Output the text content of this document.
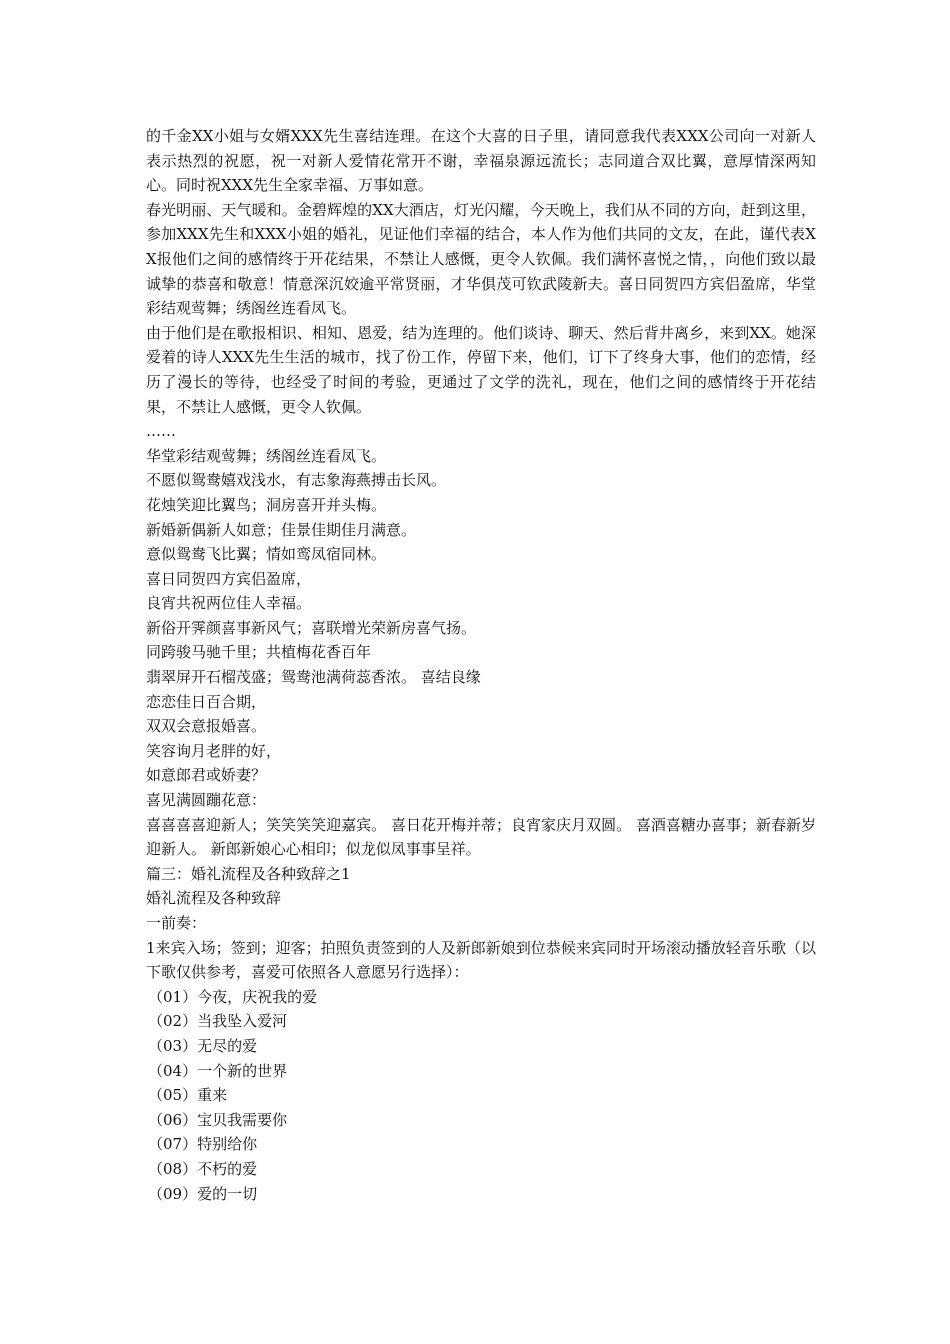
的千金XX小姐与女婿XXX先生喜结连理。在这个大喜的日子里，请同意我代表XXX公司向一对新人表示热烈的祝愿，祝一对新人爱情花常开不谢，幸福泉源远流长；志同道合双比翼，意厚情深两知心。同时祝XXX先生全家幸福、万事如意。

春光明丽、天气暖和。金碧辉煌的XX大酒店，灯光闪耀，今天晚上，我们从不同的方向，赶到这里，参加XXX先生和XXX小姐的婚礼，见证他们幸福的结合，本人作为他们共同的文友，在此，谨代表XX报他们之间的感情终于开花结果，不禁让人感慨，更令人钦佩。我们满怀喜悦之情，，向他们致以最诚挚的恭喜和敬意！情意深沉姣逾平常贤丽，才华俱茂可钦武陵新夫。喜日同贺四方宾侣盈席，华堂彩结观莺舞；绣阁丝连看凤飞。

由于他们是在歌报相识、相知、恩爱，结为连理的。他们谈诗、聊天、然后背井离乡，来到XX。她深爱着的诗人XXX先生生活的城市，找了份工作，停留下来，他们，订下了终身大事，他们的恋情，经历了漫长的等待，也经受了时间的考验，更通过了文学的洗礼，现在，他们之间的感情终于开花结果，不禁让人感慨，更令人钦佩。

……

华堂彩结观莺舞；绣阁丝连看凤飞。

不愿似鸳鸯嬉戏浅水，有志象海燕搏击长风。

花烛笑迎比翼鸟；洞房喜开并头梅。

新婚新偶新人如意；佳景佳期佳月满意。

意似鸳鸯飞比翼；情如鸾凤宿同林。

喜日同贺四方宾侣盈席，

良宵共祝两位佳人幸福。

新俗开霁颜喜事新风气；喜联增光荣新房喜气扬。

同跨骏马驰千里；共植梅花香百年

翡翠屏开石榴茂盛；鸳鸯池满荷蕊香浓。 喜结良缘

恋恋佳日百合期，

双双会意报婚喜。

笑容询月老胖的好，

如意郎君或娇妻？

喜见满圆蹦花意：

喜喜喜喜迎新人；笑笑笑笑迎嘉宾。 喜日花开梅并蒂；良宵家庆月双圆。 喜酒喜糖办喜事；新春新岁迎新人。 新郎新娘心心相印；似龙似凤事事呈祥。

篇三：婚礼流程及各种致辞之1

婚礼流程及各种致辞

一前奏：

1来宾入场；签到；迎客；拍照负责签到的人及新郎新娘到位恭候来宾同时开场滚动播放轻音乐歌（以下歌仅供参考，喜爱可依照各人意愿另行选择）：

（01）今夜，庆祝我的爱

（02）当我坠入爱河

（03）无尽的爱

（04）一个新的世界

（05）重来

（06）宝贝我需要你

（07）特别给你

（08）不朽的爱

（09）爱的一切
